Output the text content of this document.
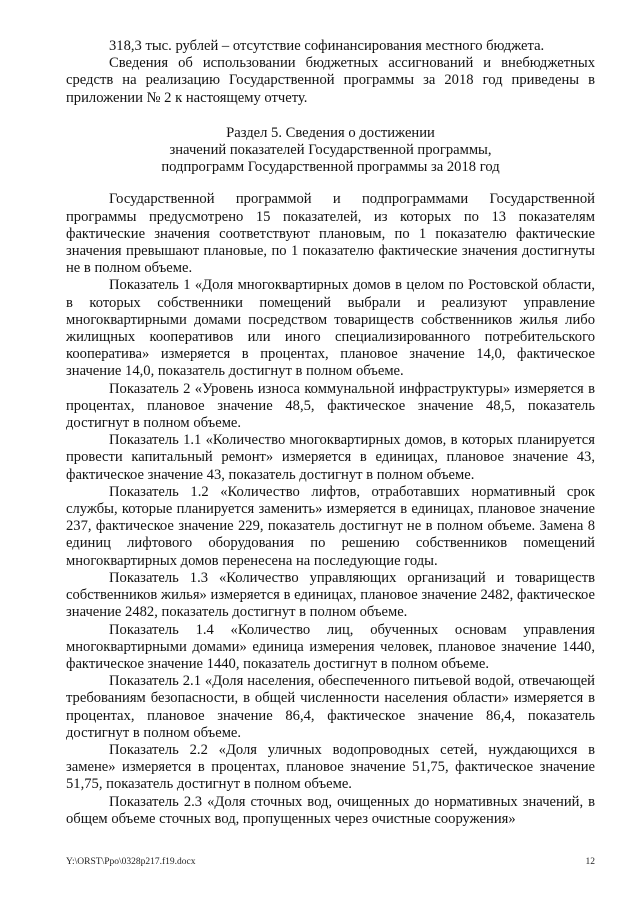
318,3 тыс. рублей – отсутствие софинансирования местного бюджета.

Сведения об использовании бюджетных ассигнований и внебюджетных средств на реализацию Государственной программы за 2018 год приведены в приложении № 2 к настоящему отчету.

Раздел 5. Сведения о достижении
значений показателей Государственной программы,
подпрограмм Государственной программы за 2018 год

Государственной программой и подпрограммами Государственной программы предусмотрено 15 показателей, из которых по 13 показателям фактические значения соответствуют плановым, по 1 показателю фактические значения превышают плановые, по 1 показателю фактические значения достигнуты не в полном объеме.

Показатель 1 «Доля многоквартирных домов в целом по Ростовской области, в которых собственники помещений выбрали и реализуют управление многоквартирными домами посредством товариществ собственников жилья либо жилищных кооперативов или иного специализированного потребительского кооператива» измеряется в процентах, плановое значение 14,0, фактическое значение 14,0, показатель достигнут в полном объеме.

Показатель 2 «Уровень износа коммунальной инфраструктуры» измеряется в процентах, плановое значение 48,5, фактическое значение 48,5, показатель достигнут в полном объеме.

Показатель 1.1 «Количество многоквартирных домов, в которых планируется провести капитальный ремонт» измеряется в единицах, плановое значение 43, фактическое значение 43, показатель достигнут в полном объеме.

Показатель 1.2 «Количество лифтов, отработавших нормативный срок службы, которые планируется заменить» измеряется в единицах, плановое значение 237, фактическое значение 229, показатель достигнут не в полном объеме. Замена 8 единиц лифтового оборудования по решению собственников помещений многоквартирных домов перенесена на последующие годы.

Показатель 1.3 «Количество управляющих организаций и товариществ собственников жилья» измеряется в единицах, плановое значение 2482, фактическое значение 2482, показатель достигнут в полном объеме.

Показатель 1.4 «Количество лиц, обученных основам управления многоквартирными домами» единица измерения человек, плановое значение 1440, фактическое значение 1440, показатель достигнут в полном объеме.

Показатель 2.1 «Доля населения, обеспеченного питьевой водой, отвечающей требованиям безопасности, в общей численности населения области» измеряется в процентах, плановое значение 86,4, фактическое значение 86,4, показатель достигнут в полном объеме.

Показатель 2.2 «Доля уличных водопроводных сетей, нуждающихся в замене» измеряется в процентах, плановое значение 51,75, фактическое значение 51,75, показатель достигнут в полном объеме.

Показатель 2.3 «Доля сточных вод, очищенных до нормативных значений, в общем объеме сточных вод, пропущенных через очистные сооружения»

Y:\ORST\Ppo\0328p217.f19.docx	12
